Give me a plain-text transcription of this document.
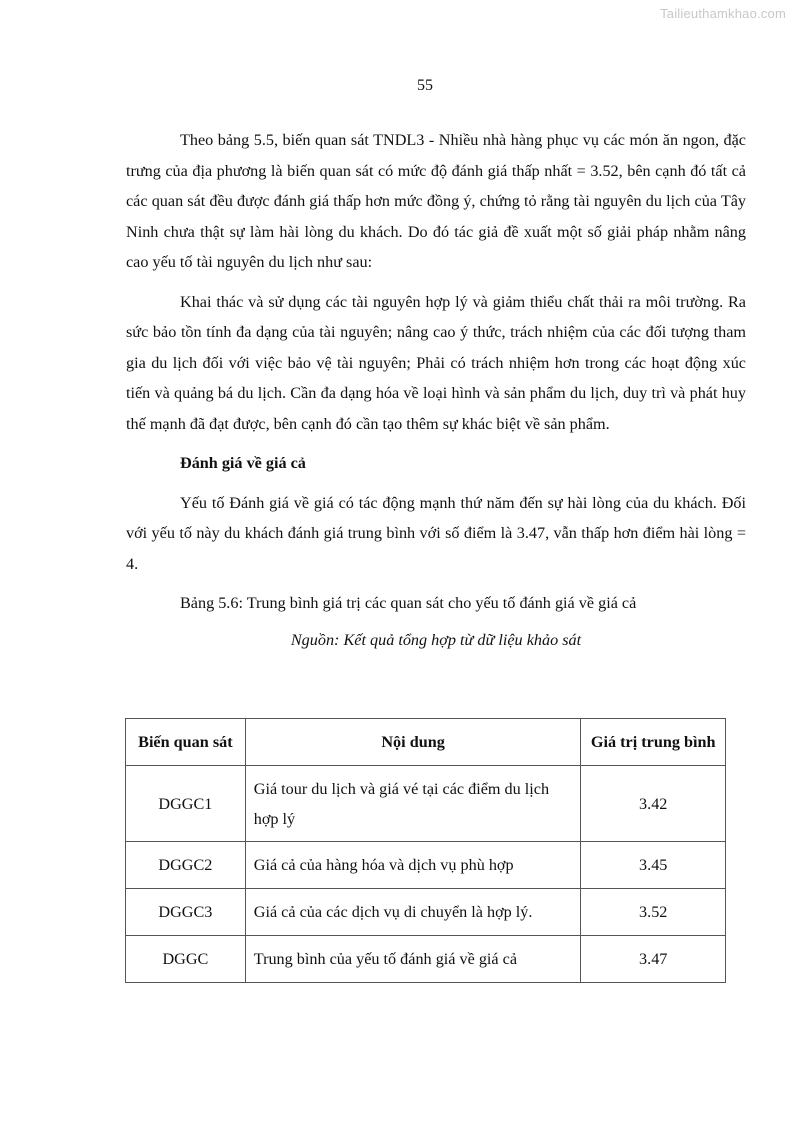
Tailieuthamkhao.com
55

Theo bảng 5.5, biến quan sát TNDL3 - Nhiều nhà hàng phục vụ các món ăn ngon, đặc trưng của địa phương là biến quan sát có mức độ đánh giá thấp nhất = 3.52, bên cạnh đó tất cả các quan sát đều được đánh giá thấp hơn mức đồng ý, chứng tỏ rằng tài nguyên du lịch của Tây Ninh chưa thật sự làm hài lòng du khách. Do đó tác giả đề xuất một số giải pháp nhằm nâng cao yếu tố tài nguyên du lịch như sau:

Khai thác và sử dụng các tài nguyên hợp lý và giảm thiểu chất thải ra môi trường. Ra sức bảo tồn tính đa dạng của tài nguyên; nâng cao ý thức, trách nhiệm của các đối tượng tham gia du lịch đối với việc bảo vệ tài nguyên; Phải có trách nhiệm hơn trong các hoạt động xúc tiến và quảng bá du lịch. Cần đa dạng hóa về loại hình và sản phẩm du lịch, duy trì và phát huy thế mạnh đã đạt được, bên cạnh đó cần tạo thêm sự khác biệt về sản phẩm.

Đánh giá về giá cả

Yếu tố Đánh giá về giá có tác động mạnh thứ năm đến sự hài lòng của du khách. Đối với yếu tố này du khách đánh giá trung bình với số điểm là 3.47, vẫn thấp hơn điểm hài lòng = 4.

Bảng 5.6: Trung bình giá trị các quan sát cho yếu tố đánh giá về giá cả

Nguồn: Kết quả tổng hợp từ dữ liệu khảo sát

Biến quan sát	Nội dung	Giá trị trung bình
DGGC1	Giá tour du lịch và giá vé tại các điểm du lịch hợp lý	3.42
DGGC2	Giá cả của hàng hóa và dịch vụ phù hợp	3.45
DGGC3	Giá cả của các dịch vụ di chuyển là hợp lý.	3.52
DGGC	Trung bình của yếu tố đánh giá về giá cả	3.47
